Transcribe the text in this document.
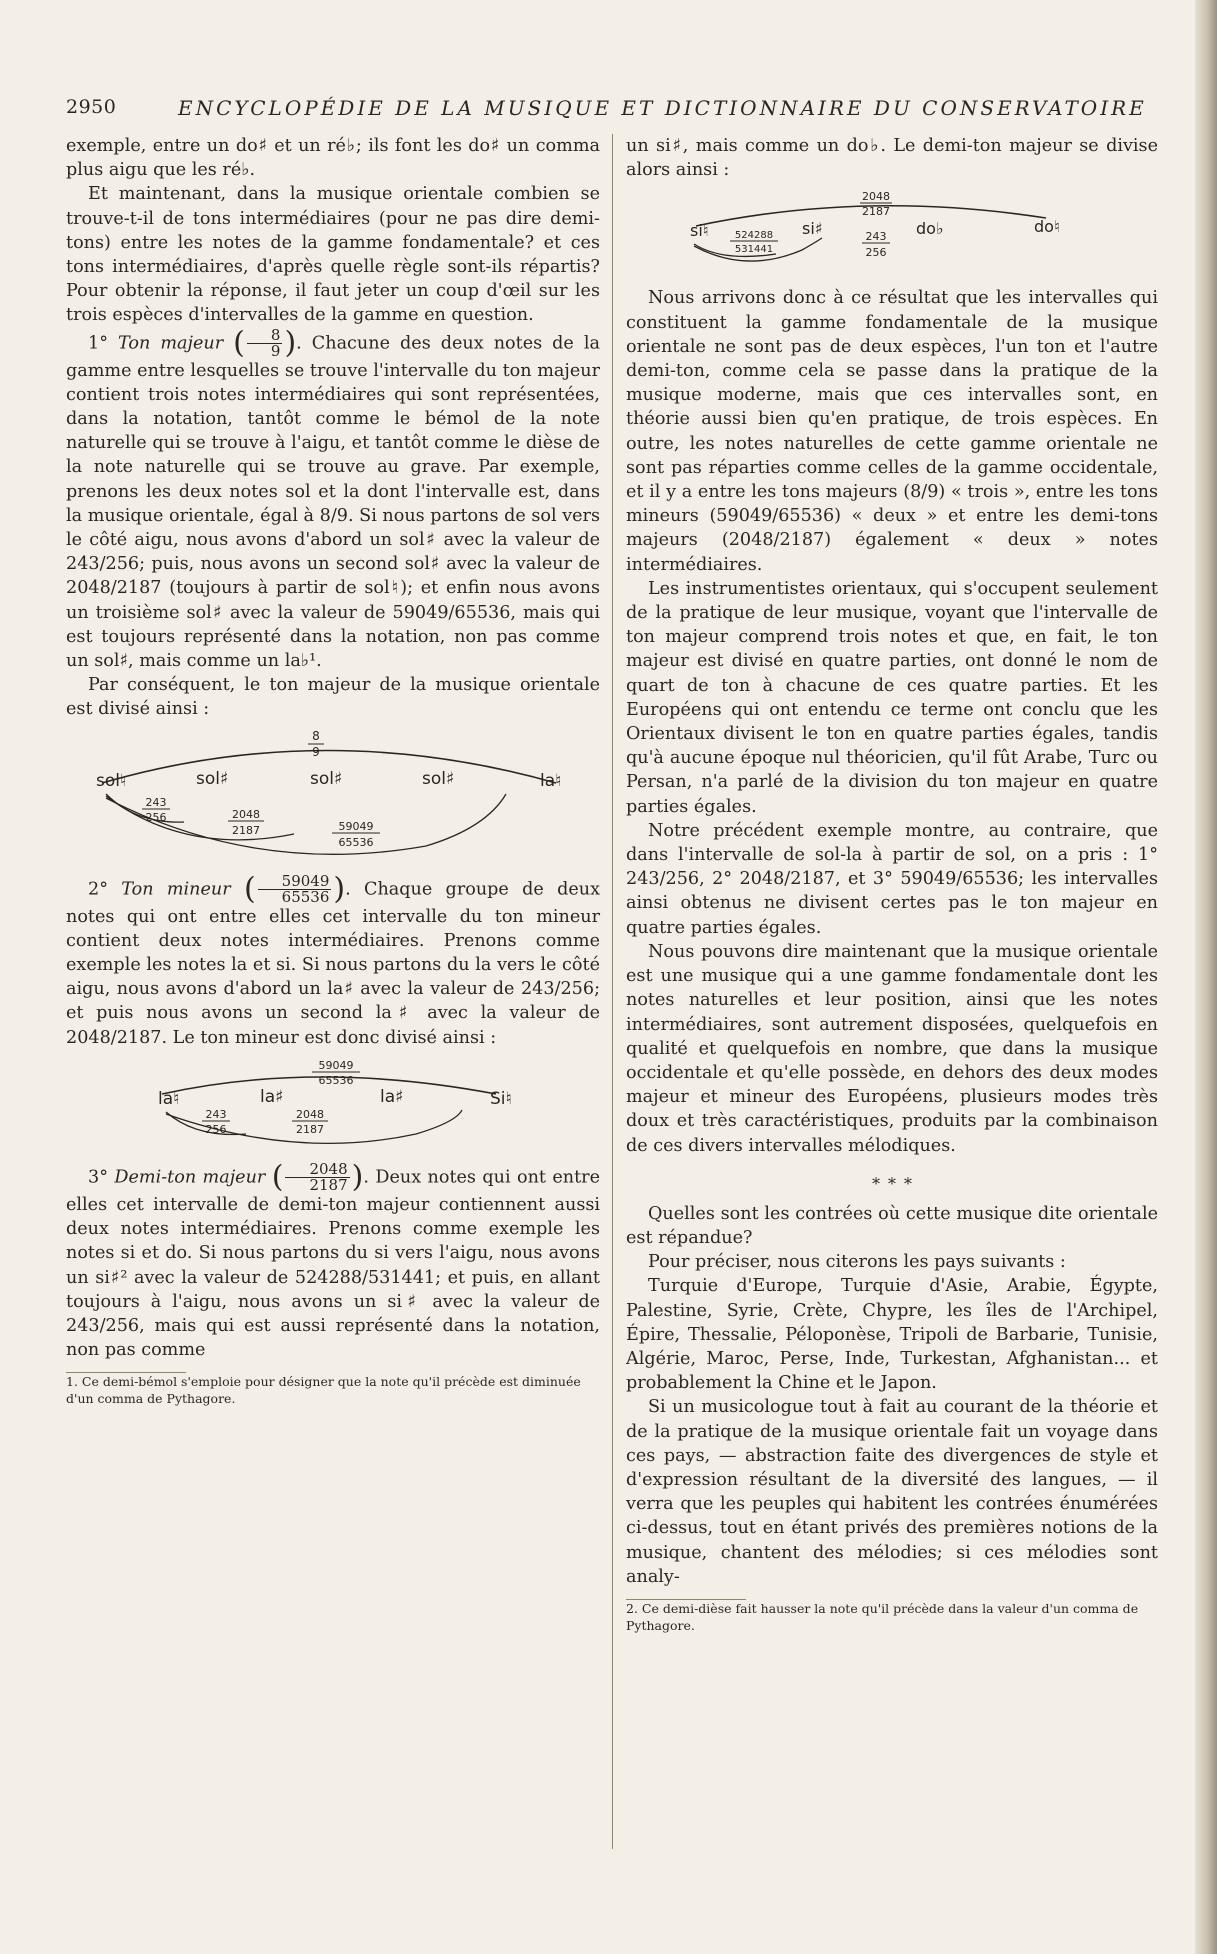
2950	ENCYCLOPÉDIE DE LA MUSIQUE ET DICTIONNAIRE DU CONSERVATOIRE

exemple, entre un do♯ et un ré♭; ils font les do♯ un comma plus aigu que les ré♭.

Et maintenant, dans la musique orientale combien se trouve-t-il de tons intermédiaires (pour ne pas dire demi-tons) entre les notes de la gamme fondamentale? et ces tons intermédiaires, d'après quelle règle sont-ils répartis? Pour obtenir la réponse, il faut jeter un coup d'œil sur les trois espèces d'intervalles de la gamme en question.

1° Ton majeur ( $\frac{8}{9}$ ). Chacune des deux notes de la gamme entre lesquelles se trouve l'intervalle du ton majeur contient trois notes intermédiaires qui sont représentées, dans la notation, tantôt comme le bémol de la note naturelle qui se trouve à l'aigu, et tantôt comme le dièse de la note naturelle qui se trouve au grave. Par exemple, prenons les deux notes sol et la dont l'intervalle est, dans la musique orientale, égal à 8/9. Si nous partons de sol vers le côté aigu, nous avons d'abord un sol♯ avec la valeur de 243/256; puis, nous avons un second sol♯ avec la valeur de 2048/2187 (toujours à partir de sol♮); et enfin nous avons un troisième sol♯ avec la valeur de 59049/65536, mais qui est toujours représenté dans la notation, non pas comme un sol♯, mais comme un la♭¹.

Par conséquent, le ton majeur de la musique orientale est divisé ainsi :

8
9
sol♮	sol♯	sol♯	sol♯	la♮
243
256	2048
2187	59049
65536

2° Ton mineur ( $\frac{59049}{65536}$ ). Chaque groupe de deux notes qui ont entre elles cet intervalle du ton mineur contient deux notes intermédiaires. Prenons comme exemple les notes la et si. Si nous partons du la vers le côté aigu, nous avons d'abord un la♯ avec la valeur de 243/256; et puis nous avons un second la♯ avec la valeur de 2048/2187. Le ton mineur est donc divisé ainsi :

59049
65536
la♮	la♯	la♯	Si♮
243
256
2048
2187

3° Demi-ton majeur ( $\frac{2048}{2187}$ ). Deux notes qui ont entre elles cet intervalle de demi-ton majeur contiennent aussi deux notes intermédiaires. Prenons comme exemple les notes si et do. Si nous partons du si vers l'aigu, nous avons un si♯² avec la valeur de 524288/531441; et puis, en allant toujours à l'aigu, nous avons un si♯ avec la valeur de 243/256, mais qui est aussi représenté dans la notation, non pas comme

1. Ce demi-bémol s'emploie pour désigner que la note qu'il précède est diminuée d'un comma de Pythagore.

un si♯, mais comme un do♭. Le demi-ton majeur se divise alors ainsi :

2048
2187
si♮	si♯	do♭	do♮
524288
531441
243
256

Nous arrivons donc à ce résultat que les intervalles qui constituent la gamme fondamentale de la musique orientale ne sont pas de deux espèces, l'un ton et l'autre demi-ton, comme cela se passe dans la pratique de la musique moderne, mais que ces intervalles sont, en théorie aussi bien qu'en pratique, de trois espèces. En outre, les notes naturelles de cette gamme orientale ne sont pas réparties comme celles de la gamme occidentale, et il y a entre les tons majeurs (8/9) « trois », entre les tons mineurs (59049/65536) « deux » et entre les demi-tons majeurs (2048/2187) également « deux » notes intermédiaires.

Les instrumentistes orientaux, qui s'occupent seulement de la pratique de leur musique, voyant que l'intervalle de ton majeur comprend trois notes et que, en fait, le ton majeur est divisé en quatre parties, ont donné le nom de quart de ton à chacune de ces quatre parties. Et les Européens qui ont entendu ce terme ont conclu que les Orientaux divisent le ton en quatre parties égales, tandis qu'à aucune époque nul théoricien, qu'il fût Arabe, Turc ou Persan, n'a parlé de la division du ton majeur en quatre parties égales.

Notre précédent exemple montre, au contraire, que dans l'intervalle de sol-la à partir de sol, on a pris : 1° 243/256, 2° 2048/2187, et 3° 59049/65536; les intervalles ainsi obtenus ne divisent certes pas le ton majeur en quatre parties égales.

Nous pouvons dire maintenant que la musique orientale est une musique qui a une gamme fondamentale dont les notes naturelles et leur position, ainsi que les notes intermédiaires, sont autrement disposées, quelquefois en qualité et quelquefois en nombre, que dans la musique occidentale et qu'elle possède, en dehors des deux modes majeur et mineur des Européens, plusieurs modes très doux et très caractéristiques, produits par la combinaison de ces divers intervalles mélodiques.

∗ ∗ ∗

Quelles sont les contrées où cette musique dite orientale est répandue?

Pour préciser, nous citerons les pays suivants :

Turquie d'Europe, Turquie d'Asie, Arabie, Égypte, Palestine, Syrie, Crète, Chypre, les îles de l'Archipel, Épire, Thessalie, Péloponèse, Tripoli de Barbarie, Tunisie, Algérie, Maroc, Perse, Inde, Turkestan, Afghanistan... et probablement la Chine et le Japon.

Si un musicologue tout à fait au courant de la théorie et de la pratique de la musique orientale fait un voyage dans ces pays, — abstraction faite des divergences de style et d'expression résultant de la diversité des langues, — il verra que les peuples qui habitent les contrées énumérées ci-dessus, tout en étant privés des premières notions de la musique, chantent des mélodies; si ces mélodies sont analy-

2. Ce demi-dièse fait hausser la note qu'il précède dans la valeur d'un comma de Pythagore.
